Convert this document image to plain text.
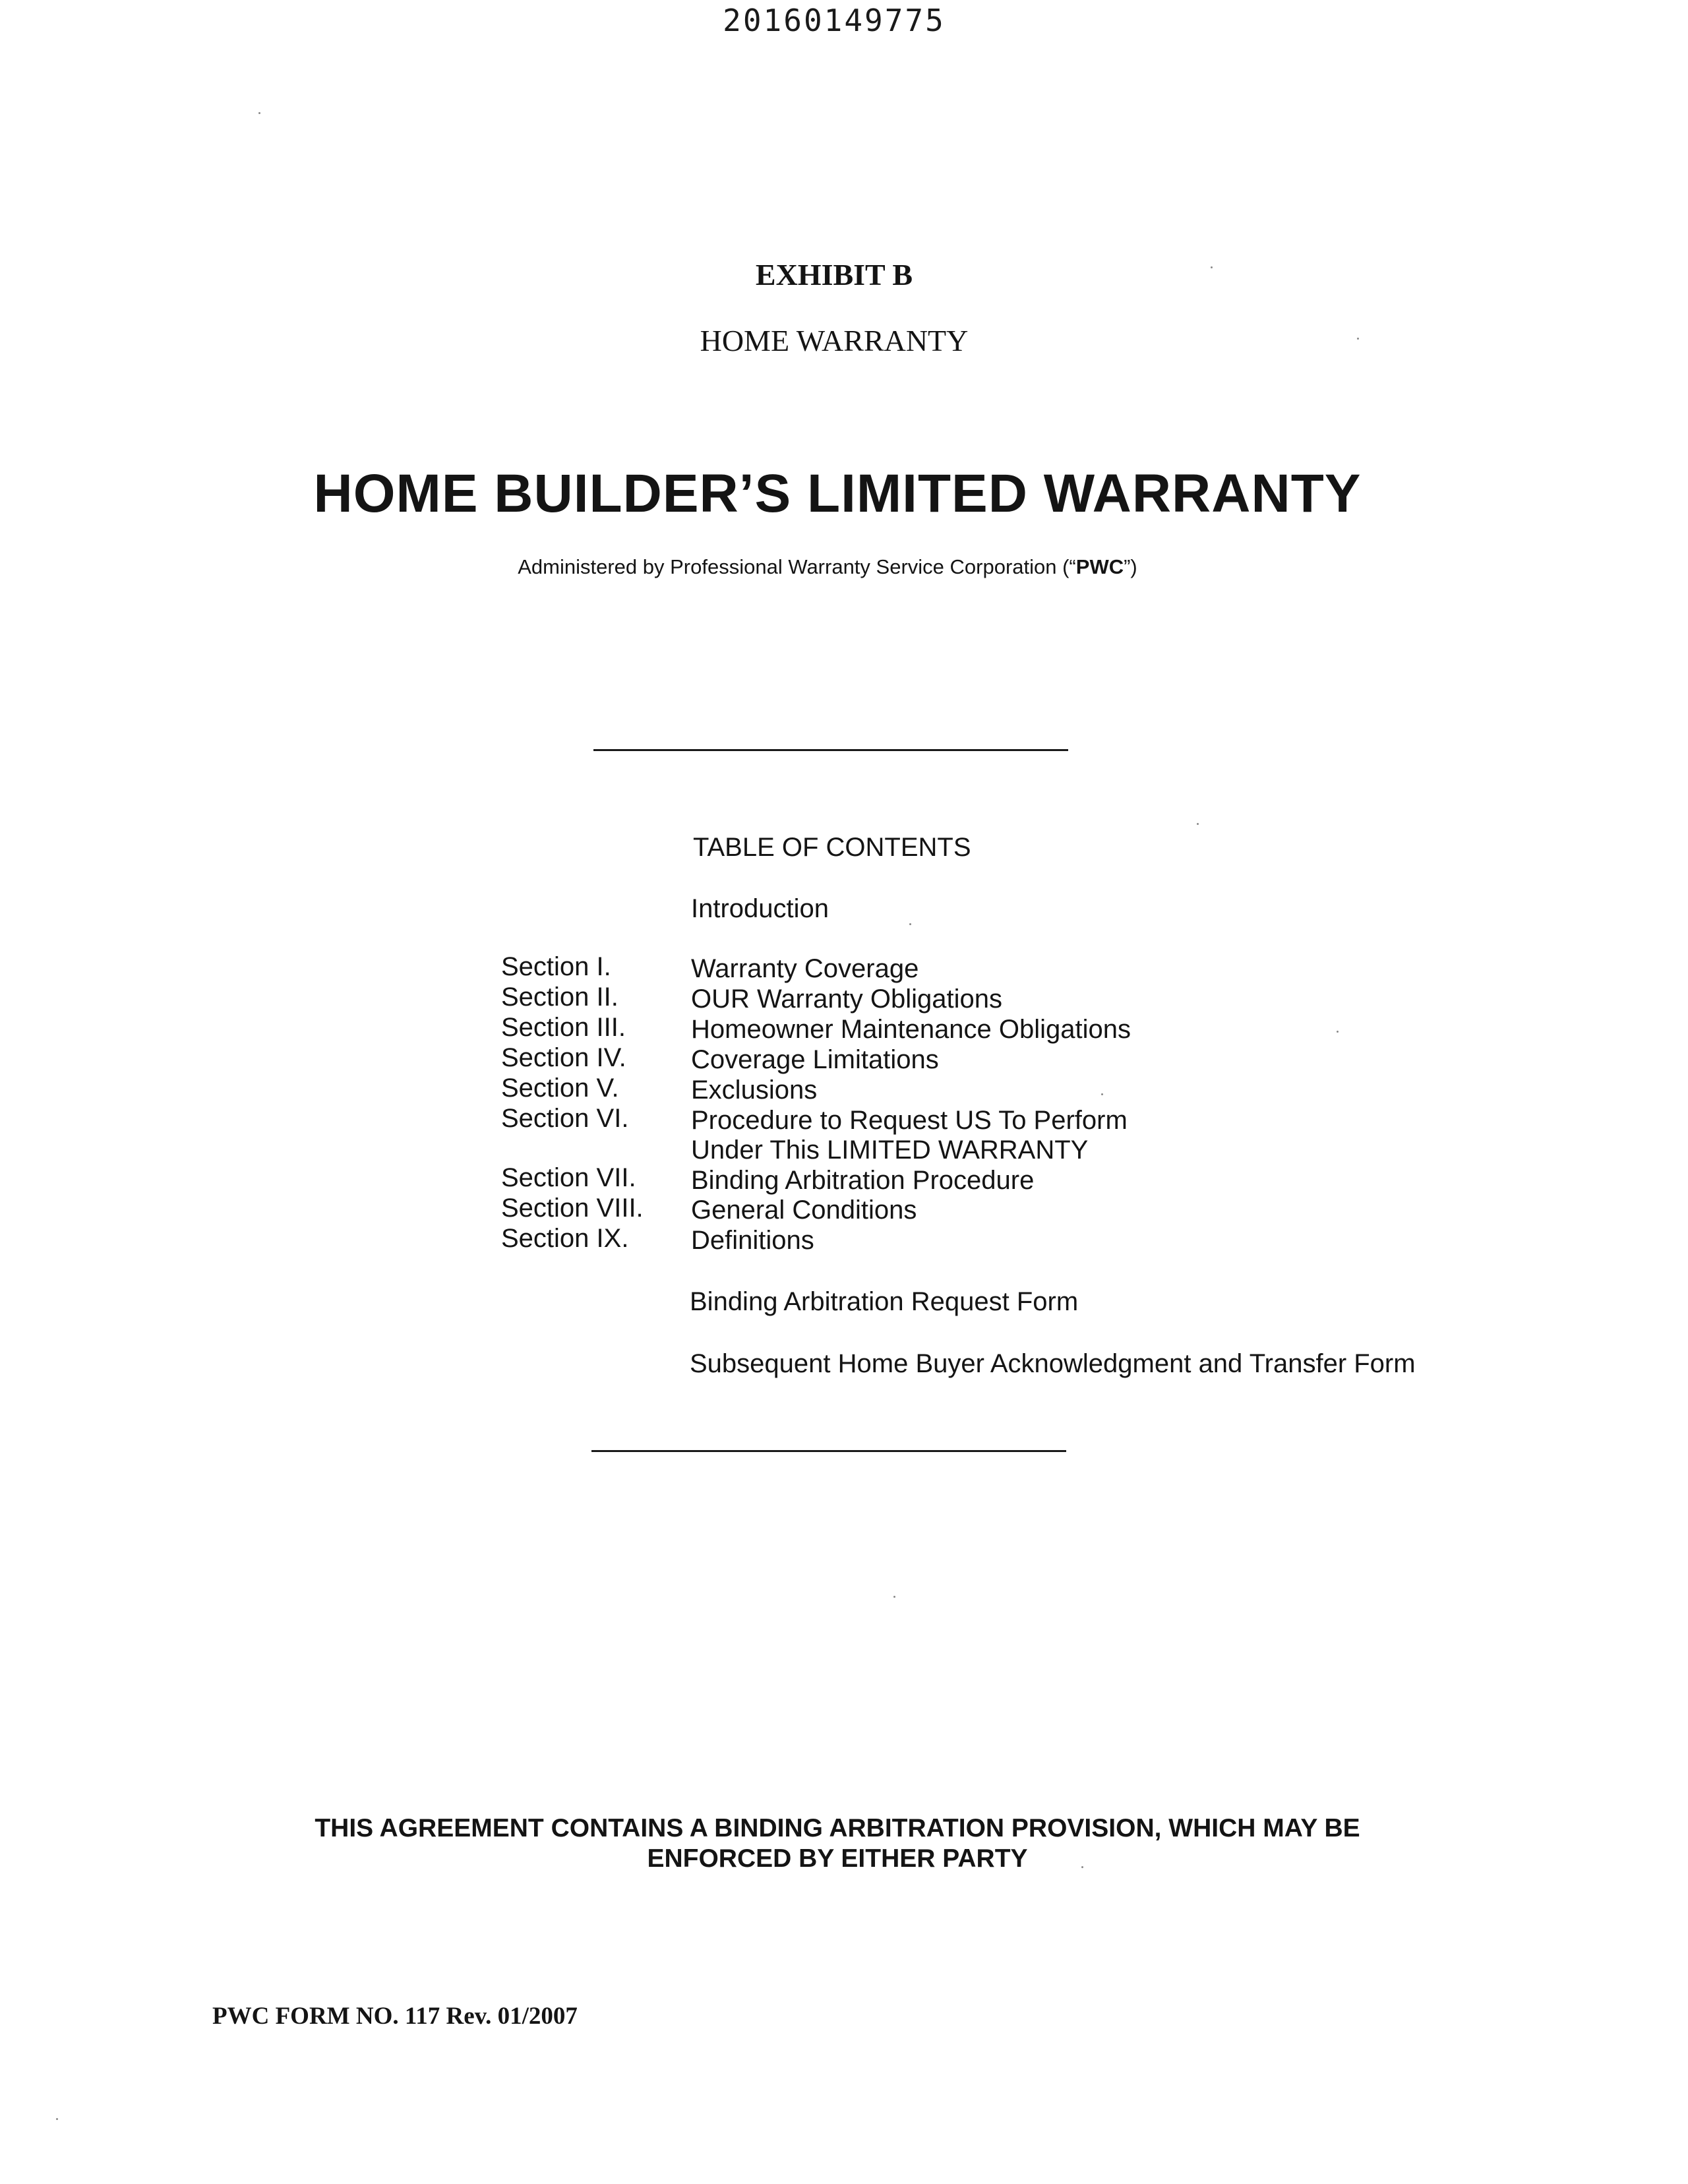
20160149775
EXHIBIT B
HOME WARRANTY
HOME BUILDER’S LIMITED WARRANTY
Administered by Professional Warranty Service Corporation (“PWC”)
TABLE OF CONTENTS
Introduction
Section I.	Warranty Coverage
Section II.	OUR Warranty Obligations
Section III. Homeowner Maintenance Obligations
Section IV. Coverage Limitations
Section V.	Exclusions
Section VI. Procedure to Request US To Perform
Under This LIMITED WARRANTY
Section VII. Binding Arbitration Procedure
Section VIII. General Conditions
Section IX. Definitions
Binding Arbitration Request Form
Subsequent Home Buyer Acknowledgment and Transfer Form
THIS AGREEMENT CONTAINS A BINDING ARBITRATION PROVISION, WHICH MAY BE
ENFORCED BY EITHER PARTY
PWC FORM NO. 117 Rev. 01/2007
